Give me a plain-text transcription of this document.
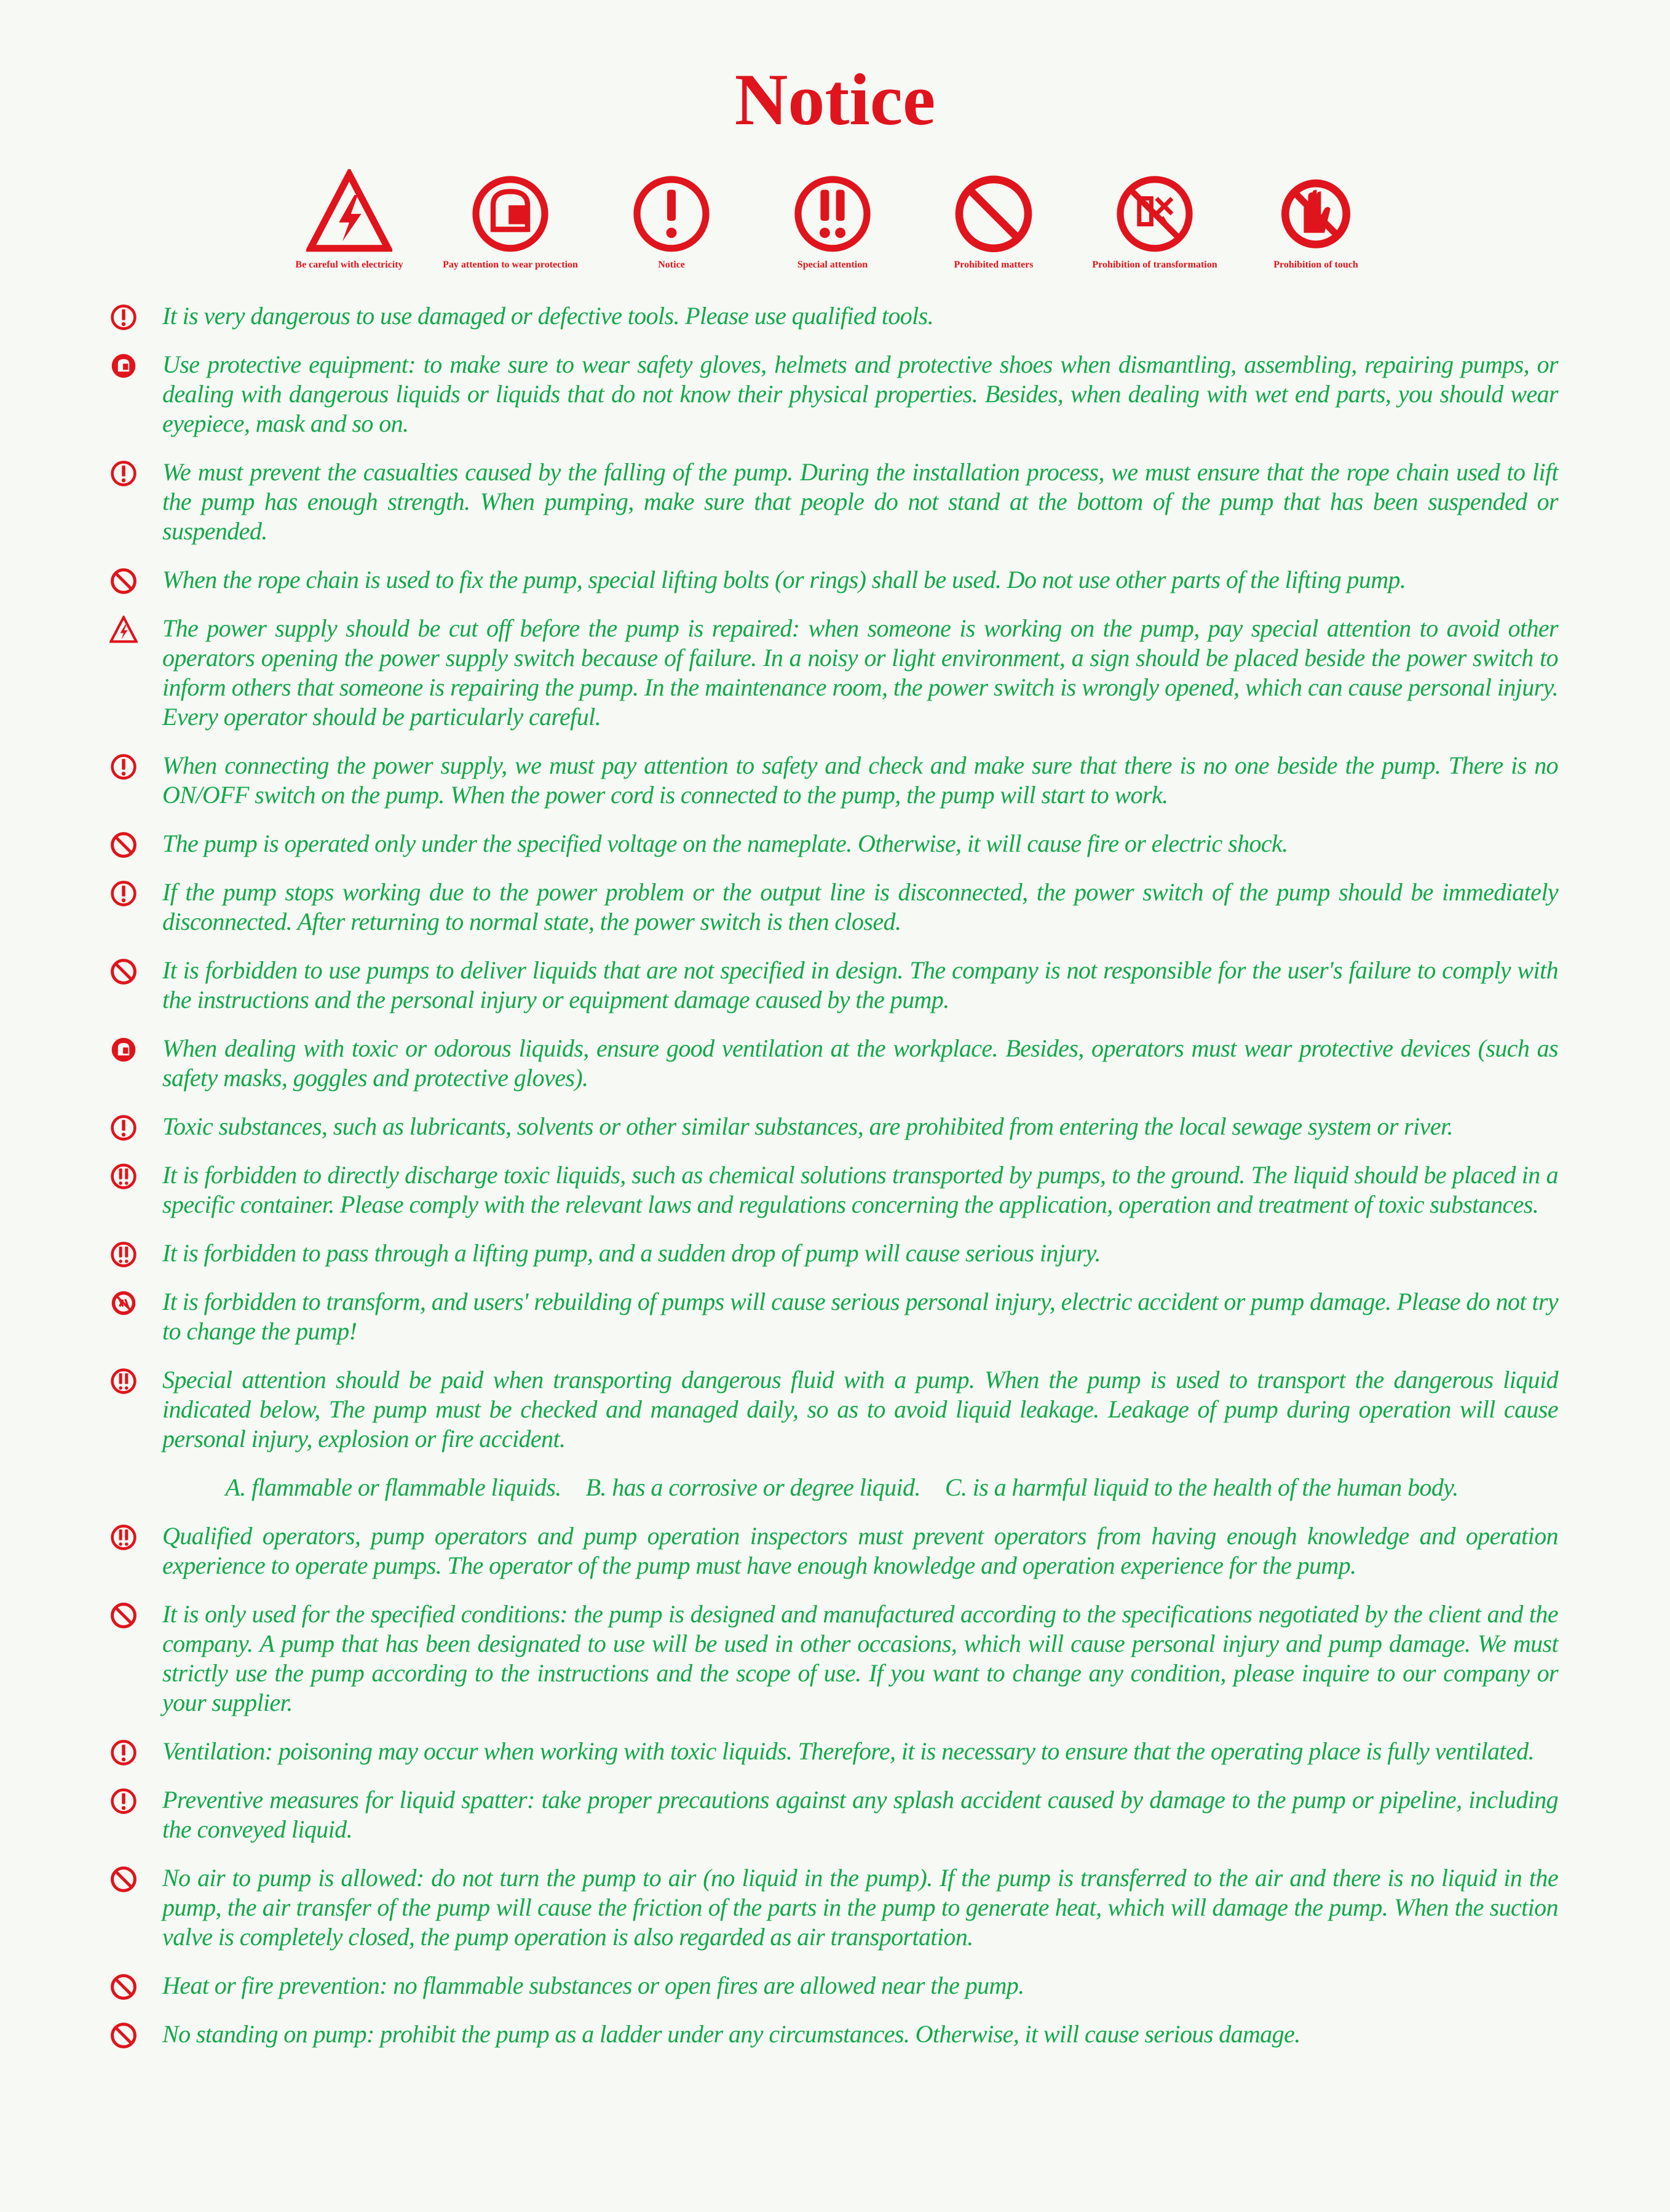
Notice
Be careful with electricity	Pay attention to wear protection	Notice	Special attention	Prohibited matters	Prohibition of transformation	Prohibition of touch

It is very dangerous to use damaged or defective tools. Please use qualified tools.

Use protective equipment: to make sure to wear safety gloves, helmets and protective shoes when dismantling, assembling, repairing pumps, or dealing with dangerous liquids or liquids that do not know their physical properties. Besides, when dealing with wet end parts, you should wear eyepiece, mask and so on.

We must prevent the casualties caused by the falling of the pump. During the installation process, we must ensure that the rope chain used to lift the pump has enough strength. When pumping, make sure that people do not stand at the bottom of the pump that has been suspended or suspended.

When the rope chain is used to fix the pump, special lifting bolts (or rings) shall be used. Do not use other parts of the lifting pump.

The power supply should be cut off before the pump is repaired: when someone is working on the pump, pay special attention to avoid other operators opening the power supply switch because of failure. In a noisy or light environment, a sign should be placed beside the power switch to inform others that someone is repairing the pump. In the maintenance room, the power switch is wrongly opened, which can cause personal injury. Every operator should be particularly careful.

When connecting the power supply, we must pay attention to safety and check and make sure that there is no one beside the pump. There is no ON/OFF switch on the pump. When the power cord is connected to the pump, the pump will start to work.

The pump is operated only under the specified voltage on the nameplate. Otherwise, it will cause fire or electric shock.

If the pump stops working due to the power problem or the output line is disconnected, the power switch of the pump should be immediately disconnected. After returning to normal state, the power switch is then closed.

It is forbidden to use pumps to deliver liquids that are not specified in design. The company is not responsible for the user's failure to comply with the instructions and the personal injury or equipment damage caused by the pump.

When dealing with toxic or odorous liquids, ensure good ventilation at the workplace. Besides, operators must wear protective devices (such as safety masks, goggles and protective gloves).

Toxic substances, such as lubricants, solvents or other similar substances, are prohibited from entering the local sewage system or river.

It is forbidden to directly discharge toxic liquids, such as chemical solutions transported by pumps, to the ground. The liquid should be placed in a specific container. Please comply with the relevant laws and regulations concerning the application, operation and treatment of toxic substances.

It is forbidden to pass through a lifting pump, and a sudden drop of pump will cause serious injury.

It is forbidden to transform, and users' rebuilding of pumps will cause serious personal injury, electric accident or pump damage. Please do not try to change the pump!

Special attention should be paid when transporting dangerous fluid with a pump. When the pump is used to transport the dangerous liquid indicated below, The pump must be checked and managed daily, so as to avoid liquid leakage. Leakage of pump during operation will cause personal injury, explosion or fire accident.

A. flammable or flammable liquids. B. has a corrosive or degree liquid. C. is a harmful liquid to the health of the human body.

Qualified operators, pump operators and pump operation inspectors must prevent operators from having enough knowledge and operation experience to operate pumps. The operator of the pump must have enough knowledge and operation experience for the pump.

It is only used for the specified conditions: the pump is designed and manufactured according to the specifications negotiated by the client and the company. A pump that has been designated to use will be used in other occasions, which will cause personal injury and pump damage. We must strictly use the pump according to the instructions and the scope of use. If you want to change any condition, please inquire to our company or your supplier.

Ventilation: poisoning may occur when working with toxic liquids. Therefore, it is necessary to ensure that the operating place is fully ventilated.

Preventive measures for liquid spatter: take proper precautions against any splash accident caused by damage to the pump or pipeline, including the conveyed liquid.

No air to pump is allowed: do not turn the pump to air (no liquid in the pump). If the pump is transferred to the air and there is no liquid in the pump, the air transfer of the pump will cause the friction of the parts in the pump to generate heat, which will damage the pump. When the suction valve is completely closed, the pump operation is also regarded as air transportation.

Heat or fire prevention: no flammable substances or open fires are allowed near the pump.

No standing on pump: prohibit the pump as a ladder under any circumstances. Otherwise, it will cause serious damage.
